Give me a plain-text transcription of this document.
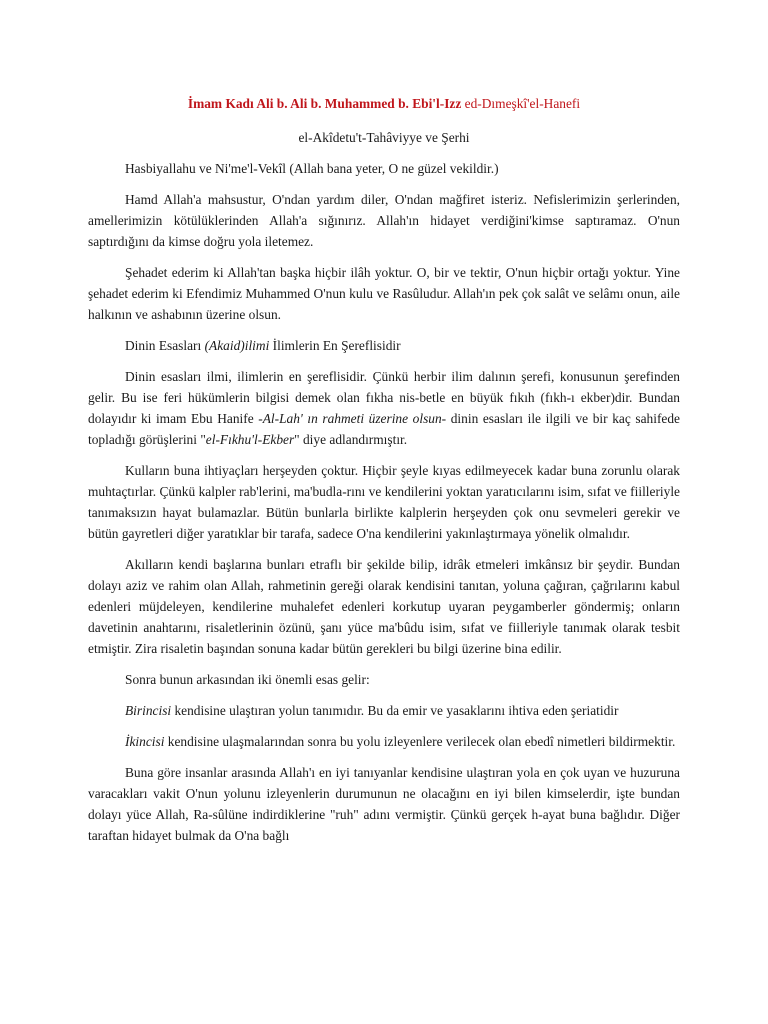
İmam Kadı Ali b. Ali b. Muhammed b. Ebi'l-Izz ed-Dımeşkî'el-Hanefi
el-Akîdetu't-Tahâviyye ve Şerhi

Hasbiyallahu ve Ni'me'l-Vekîl (Allah bana yeter, O ne güzel vekildir.)

Hamd Allah'a mahsustur, O'ndan yardım diler, O'ndan mağfiret isteriz. Nefislerimizin şerlerinden, amellerimizin kötülüklerinden Allah'a sığınırız. Allah'ın hidayet verdiğini'kimse saptıramaz. O'nun saptırdığını da kimse doğru yola iletemez.

Şehadet ederim ki Allah'tan başka hiçbir ilâh yoktur. O, bir ve tektir, O'nun hiçbir ortağı yoktur. Yine şehadet ederim ki Efendimiz Muhammed O'nun kulu ve Rasûludur. Allah'ın pek çok salât ve selâmı onun, aile halkının ve ashabının üzerine olsun.

Dinin Esasları (Akaid)ilimi İlimlerin En Şereflisidir

Dinin esasları ilmi, ilimlerin en şereflisidir. Çünkü herbir ilim dalının şerefi, konusunun şerefinden gelir. Bu ise feri hükümlerin bilgisi demek olan fıkha nis-betle en büyük fıkıh (fıkh-ı ekber)dir. Bundan dolayıdır ki imam Ebu Hanife -Al-Lah' ın rahmeti üzerine olsun- dinin esasları ile ilgili ve bir kaç sahifede topladığı görüşlerini "el-Fıkhu'l-Ekber" diye adlandırmıştır.

Kulların buna ihtiyaçları herşeyden çoktur. Hiçbir şeyle kıyas edilmeyecek kadar buna zorunlu olarak muhtaçtırlar. Çünkü kalpler rab'lerini, ma'budla-rını ve kendilerini yoktan yaratıcılarını isim, sıfat ve fiilleriyle tanımaksızın hayat bulamazlar. Bütün bunlarla birlikte kalplerin herşeyden çok onu sevmeleri gerekir ve bütün gayretleri diğer yaratıklar bir tarafa, sadece O'na kendilerini yakınlaştırmaya yönelik olmalıdır.

Akılların kendi başlarına bunları etraflı bir şekilde bilip, idrâk etmeleri imkânsız bir şeydir. Bundan dolayı aziz ve rahim olan Allah, rahmetinin gereği olarak kendisini tanıtan, yoluna çağıran, çağrılarını kabul edenleri müjdeleyen, kendilerine muhalefet edenleri korkutup uyaran peygamberler göndermiş; onların davetinin anahtarını, risaletlerinin özünü, şanı yüce ma'bûdu isim, sıfat ve fiilleriyle tanımak olarak tesbit etmiştir. Zira risaletin başından sonuna kadar bütün gerekleri bu bilgi üzerine bina edilir.

Sonra bunun arkasından iki önemli esas gelir:

Birincisi kendisine ulaştıran yolun tanımıdır. Bu da emir ve yasaklarını ihtiva eden şeriatidir

İkincisi kendisine ulaşmalarından sonra bu yolu izleyenlere verilecek olan ebedî nimetleri bildirmektir.

Buna göre insanlar arasında Allah'ı en iyi tanıyanlar kendisine ulaştıran yola en çok uyan ve huzuruna varacakları vakit O'nun yolunu izleyenlerin durumunun ne olacağını en iyi bilen kimselerdir, işte bundan dolayı yüce Allah, Ra-sûlüne indirdiklerine "ruh" adını vermiştir. Çünkü gerçek h-ayat buna bağlıdır. Diğer taraftan hidayet bulmak da O'na bağlı
